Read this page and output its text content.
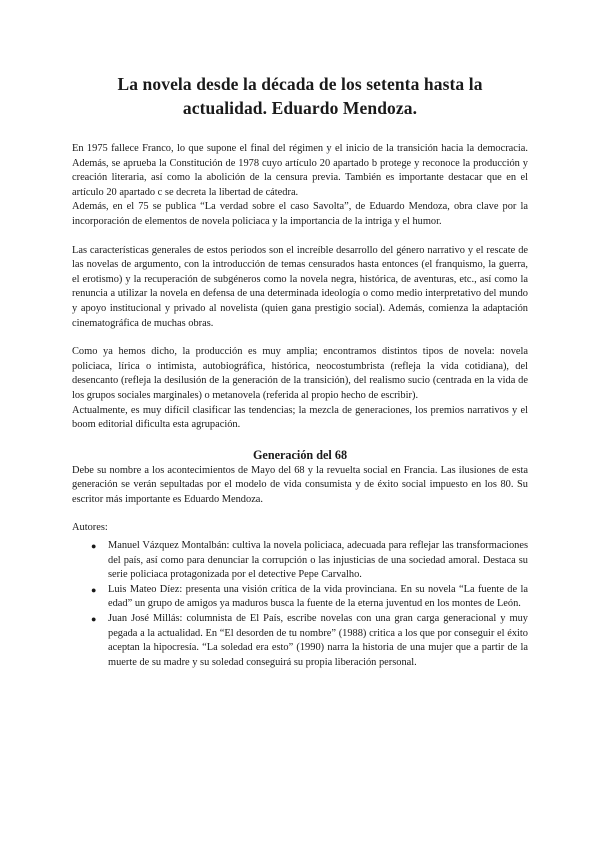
La novela desde la década de los setenta hasta la actualidad. Eduardo Mendoza.

En 1975 fallece Franco, lo que supone el final del régimen y el inicio de la transición hacia la democracia. Además, se aprueba la Constitución de 1978 cuyo artículo 20 apartado b protege y reconoce la producción y creación literaria, así como la abolición de la censura previa. También es importante destacar que en el artículo 20 apartado c se decreta la libertad de cátedra.

Además, en el 75 se publica “La verdad sobre el caso Savolta”, de Eduardo Mendoza, obra clave por la incorporación de elementos de novela policiaca y la importancia de la intriga y el humor.

Las características generales de estos periodos son el increíble desarrollo del género narrativo y el rescate de las novelas de argumento, con la introducción de temas censurados hasta entonces (el franquismo, la guerra, el erotismo) y la recuperación de subgéneros como la novela negra, histórica, de aventuras, etc., así como la renuncia a utilizar la novela en defensa de una determinada ideología o como medio interpretativo del mundo y apoyo institucional y privado al novelista (quien gana prestigio social). Además, comienza la adaptación cinematográfica de muchas obras.

Como ya hemos dicho, la producción es muy amplia; encontramos distintos tipos de novela: novela policiaca, lírica o intimista, autobiográfica, histórica, neocostumbrista (refleja la vida cotidiana), del desencanto (refleja la desilusión de la generación de la transición), del realismo sucio (centrada en la vida de los grupos sociales marginales) o metanovela (referida al propio hecho de escribir).

Actualmente, es muy difícil clasificar las tendencias; la mezcla de generaciones, los premios narrativos y el boom editorial dificulta esta agrupación.

Generación del 68

Debe su nombre a los acontecimientos de Mayo del 68 y la revuelta social en Francia. Las ilusiones de esta generación se verán sepultadas por el modelo de vida consumista y de éxito social impuesto en los 80. Su escritor más importante es Eduardo Mendoza.

Autores:

● Manuel Vázquez Montalbán: cultiva la novela policiaca, adecuada para reflejar las transformaciones del país, así como para denunciar la corrupción o las injusticias de una sociedad amoral. Destaca su serie policiaca protagonizada por el detective Pepe Carvalho.
● Luis Mateo Díez: presenta una visión crítica de la vida provinciana. En su novela “La fuente de la edad” un grupo de amigos ya maduros busca la fuente de la eterna juventud en los montes de León.
● Juan José Millás: columnista de El País, escribe novelas con una gran carga generacional y muy pegada a la actualidad. En “El desorden de tu nombre” (1988) critica a los que por conseguir el éxito aceptan la hipocresía. “La soledad era esto” (1990) narra la historia de una mujer que a partir de la muerte de su madre y su soledad conseguirá su propia liberación personal.
